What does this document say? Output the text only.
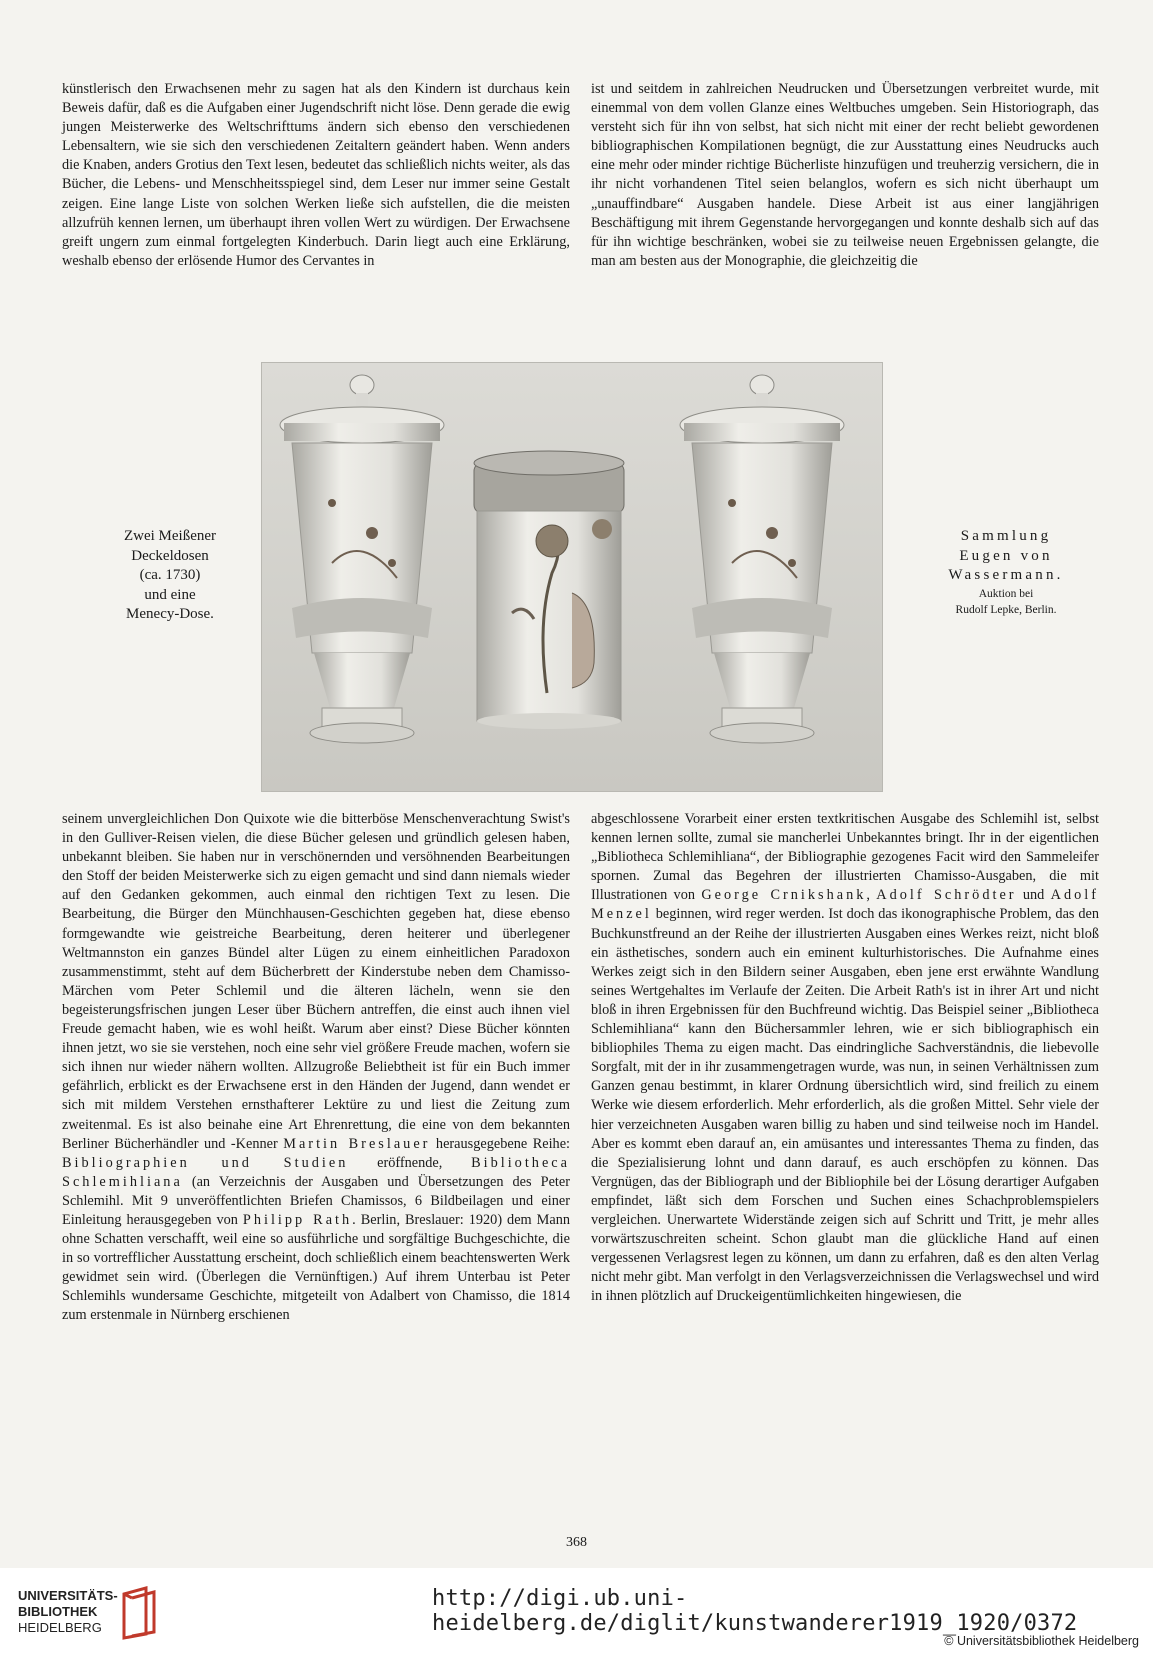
künstlerisch den Erwachsenen mehr zu sagen hat als den Kindern ist durchaus kein Beweis dafür, daß es die Aufgaben einer Jugendschrift nicht löse. Denn gerade die ewig jungen Meisterwerke des Weltschrifttums ändern sich ebenso den verschiedenen Lebensaltern, wie sie sich den verschiedenen Zeitaltern geändert haben. Wenn anders die Knaben, anders Grotius den Text lesen, bedeutet das schließlich nichts weiter, als das Bücher, die Lebens- und Menschheitsspiegel sind, dem Leser nur immer seine Gestalt zeigen. Eine lange Liste von solchen Werken ließe sich aufstellen, die die meisten allzufrüh kennen lernen, um überhaupt ihren vollen Wert zu würdigen. Der Erwachsene greift ungern zum einmal fortgelegten Kinderbuch. Darin liegt auch eine Erklärung, weshalb ebenso der erlösende Humor des Cervantes in

ist und seitdem in zahlreichen Neudrucken und Übersetzungen verbreitet wurde, mit einemmal von dem vollen Glanze eines Weltbuches umgeben. Sein Historiograph, das versteht sich für ihn von selbst, hat sich nicht mit einer der recht beliebt gewordenen bibliographischen Kompilationen begnügt, die zur Ausstattung eines Neudrucks auch eine mehr oder minder richtige Bücherliste hinzufügen und treuherzig versichern, die in ihr nicht vorhandenen Titel seien belanglos, wofern es sich nicht überhaupt um „unauffindbare“ Ausgaben handele. Diese Arbeit ist aus einer langjährigen Beschäftigung mit ihrem Gegenstande hervorgegangen und konnte deshalb sich auf das für ihn wichtige beschränken, wobei sie zu teilweise neuen Ergebnissen gelangte, die man am besten aus der Monographie, die gleichzeitig die

Zwei Meißener
Deckeldosen
(ca. 1730)
und eine
Menecy-Dose.
Sammlung
Eugen von
Wassermann.
Auktion bei
Rudolf Lepke, Berlin.

seinem unvergleichlichen Don Quixote wie die bitterböse Menschenverachtung Swist's in den Gulliver-Reisen vielen, die diese Bücher gelesen und gründlich gelesen haben, unbekannt bleiben. Sie haben nur in verschönernden und versöhnenden Bearbeitungen den Stoff der beiden Meisterwerke sich zu eigen gemacht und sind dann niemals wieder auf den Gedanken gekommen, auch einmal den richtigen Text zu lesen. Die Bearbeitung, die Bürger den Münchhausen-Geschichten gegeben hat, diese ebenso formgewandte wie geistreiche Bearbeitung, deren heiterer und überlegener Weltmannston ein ganzes Bündel alter Lügen zu einem einheitlichen Paradoxon zusammenstimmt, steht auf dem Bücherbrett der Kinderstube neben dem Chamisso-Märchen vom Peter Schlemil und die älteren lächeln, wenn sie den begeisterungsfrischen jungen Leser über Büchern antreffen, die einst auch ihnen viel Freude gemacht haben, wie es wohl heißt. Warum aber einst? Diese Bücher könnten ihnen jetzt, wo sie sie verstehen, noch eine sehr viel größere Freude machen, wofern sie sich ihnen nur wieder nähern wollten. Allzugroße Beliebtheit ist für ein Buch immer gefährlich, erblickt es der Erwachsene erst in den Händen der Jugend, dann wendet er sich mit mildem Verstehen ernsthafterer Lektüre zu und liest die Zeitung zum zweitenmal. Es ist also beinahe eine Art Ehrenrettung, die eine von dem bekannten Berliner Bücherhändler und -Kenner Martin Breslauer herausgegebene Reihe: Bibliographien und Studien eröffnende, Bibliotheca Schlemihliana (an Verzeichnis der Ausgaben und Übersetzungen des Peter Schlemihl. Mit 9 unveröffentlichten Briefen Chamissos, 6 Bildbeilagen und einer Einleitung herausgegeben von Philipp Rath. Berlin, Breslauer: 1920) dem Mann ohne Schatten verschafft, weil eine so ausführliche und sorgfältige Buchgeschichte, die in so vortrefflicher Ausstattung erscheint, doch schließlich einem beachtenswerten Werk gewidmet sein wird. (Überlegen die Vernünftigen.) Auf ihrem Unterbau ist Peter Schlemihls wundersame Geschichte, mitgeteilt von Adalbert von Chamisso, die 1814 zum erstenmale in Nürnberg erschienen

abgeschlossene Vorarbeit einer ersten textkritischen Ausgabe des Schlemihl ist, selbst kennen lernen sollte, zumal sie mancherlei Unbekanntes bringt. Ihr in der eigentlichen „Bibliotheca Schlemihliana“, der Bibliographie gezogenes Facit wird den Sammeleifer spornen. Zumal das Begehren der illustrierten Chamisso-Ausgaben, die mit Illustrationen von George Crnikshank, Adolf Schrödter und Adolf Menzel beginnen, wird reger werden. Ist doch das ikonographische Problem, das den Buchkunstfreund an der Reihe der illustrierten Ausgaben eines Werkes reizt, nicht bloß ein ästhetisches, sondern auch ein eminent kulturhistorisches. Die Aufnahme eines Werkes zeigt sich in den Bildern seiner Ausgaben, eben jene erst erwähnte Wandlung seines Wertgehaltes im Verlaufe der Zeiten. Die Arbeit Rath's ist in ihrer Art und nicht bloß in ihren Ergebnissen für den Buchfreund wichtig. Das Beispiel seiner „Bibliotheca Schlemihliana“ kann den Büchersammler lehren, wie er sich bibliographisch ein bibliophiles Thema zu eigen macht. Das eindringliche Sachverständnis, die liebevolle Sorgfalt, mit der in ihr zusammengetragen wurde, was nun, in seinen Verhältnissen zum Ganzen genau bestimmt, in klarer Ordnung übersichtlich wird, sind freilich zu einem Werke wie diesem erforderlich. Mehr erforderlich, als die großen Mittel. Sehr viele der hier verzeichneten Ausgaben waren billig zu haben und sind teilweise noch im Handel. Aber es kommt eben darauf an, ein amüsantes und interessantes Thema zu finden, das die Spezialisierung lohnt und dann darauf, es auch erschöpfen zu können. Das Vergnügen, das der Bibliograph und der Bibliophile bei der Lösung derartiger Aufgaben empfindet, läßt sich dem Forschen und Suchen eines Schachproblemspielers vergleichen. Unerwartete Widerstände zeigen sich auf Schritt und Tritt, je mehr alles vorwärtszuschreiten scheint. Schon glaubt man die glückliche Hand auf einen vergessenen Verlagsrest legen zu können, um dann zu erfahren, daß es den alten Verlag nicht mehr gibt. Man verfolgt in den Verlagsverzeichnissen die Verlagswechsel und wird in ihnen plötzlich auf Druckeigentümlichkeiten hingewiesen, die

368
UNIVERSITÄTS-
BIBLIOTHEK
HEIDELBERG
http://digi.ub.uni-heidelberg.de/diglit/kunstwanderer1919_1920/0372
© Universitätsbibliothek Heidelberg
